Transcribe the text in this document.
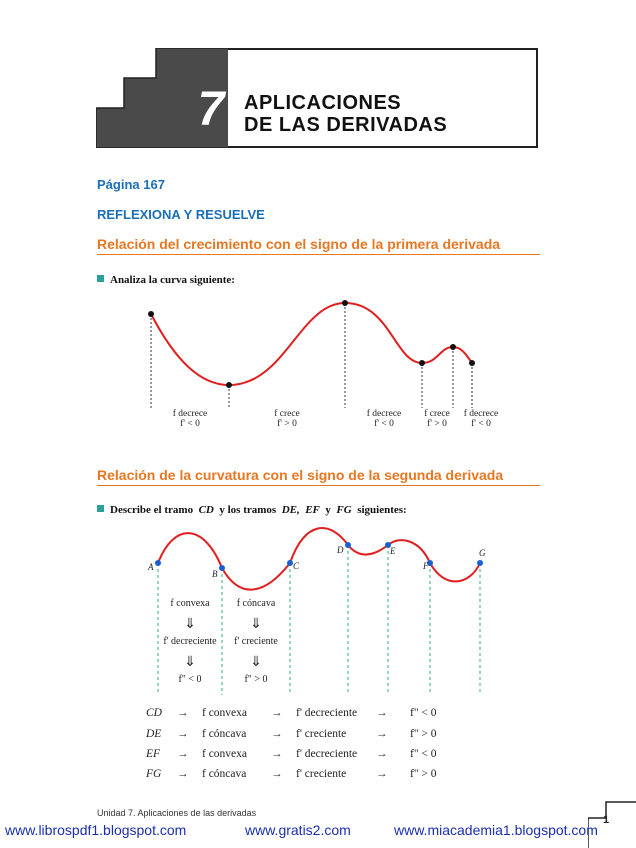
7 APLICACIONES
DE LAS DERIVADAS
Página 167
REFLEXIONA Y RESUELVE
Relación del crecimiento con el signo de la primera derivada
Analiza la curva siguiente:
f decrece
f' < 0
f crece
f' > 0
f decrece
f' < 0
f crece
f' > 0
f decrece
f' < 0
Relación de la curvatura con el signo de la segunda derivada
Describe el tramo CD y los tramos DE, EF y FG siguientes:
A
B
C
D	E
F
G
f convexa
⇓
f' decreciente
⇓
f" < 0
f cóncava
⇓
f' creciente
⇓
f" > 0
CD → f convexa → f' decreciente → f" < 0
DE → f cóncava → f' creciente	→ f" > 0
EF → f convexa → f' decreciente → f" < 0
FG → f cóncava → f' creciente	→ f" > 0
Unidad 7. Aplicaciones de las derivadas
1
www.librospdf1.blogspot.com	www.gratis2.com	www.miacademia1.blogspot.com
